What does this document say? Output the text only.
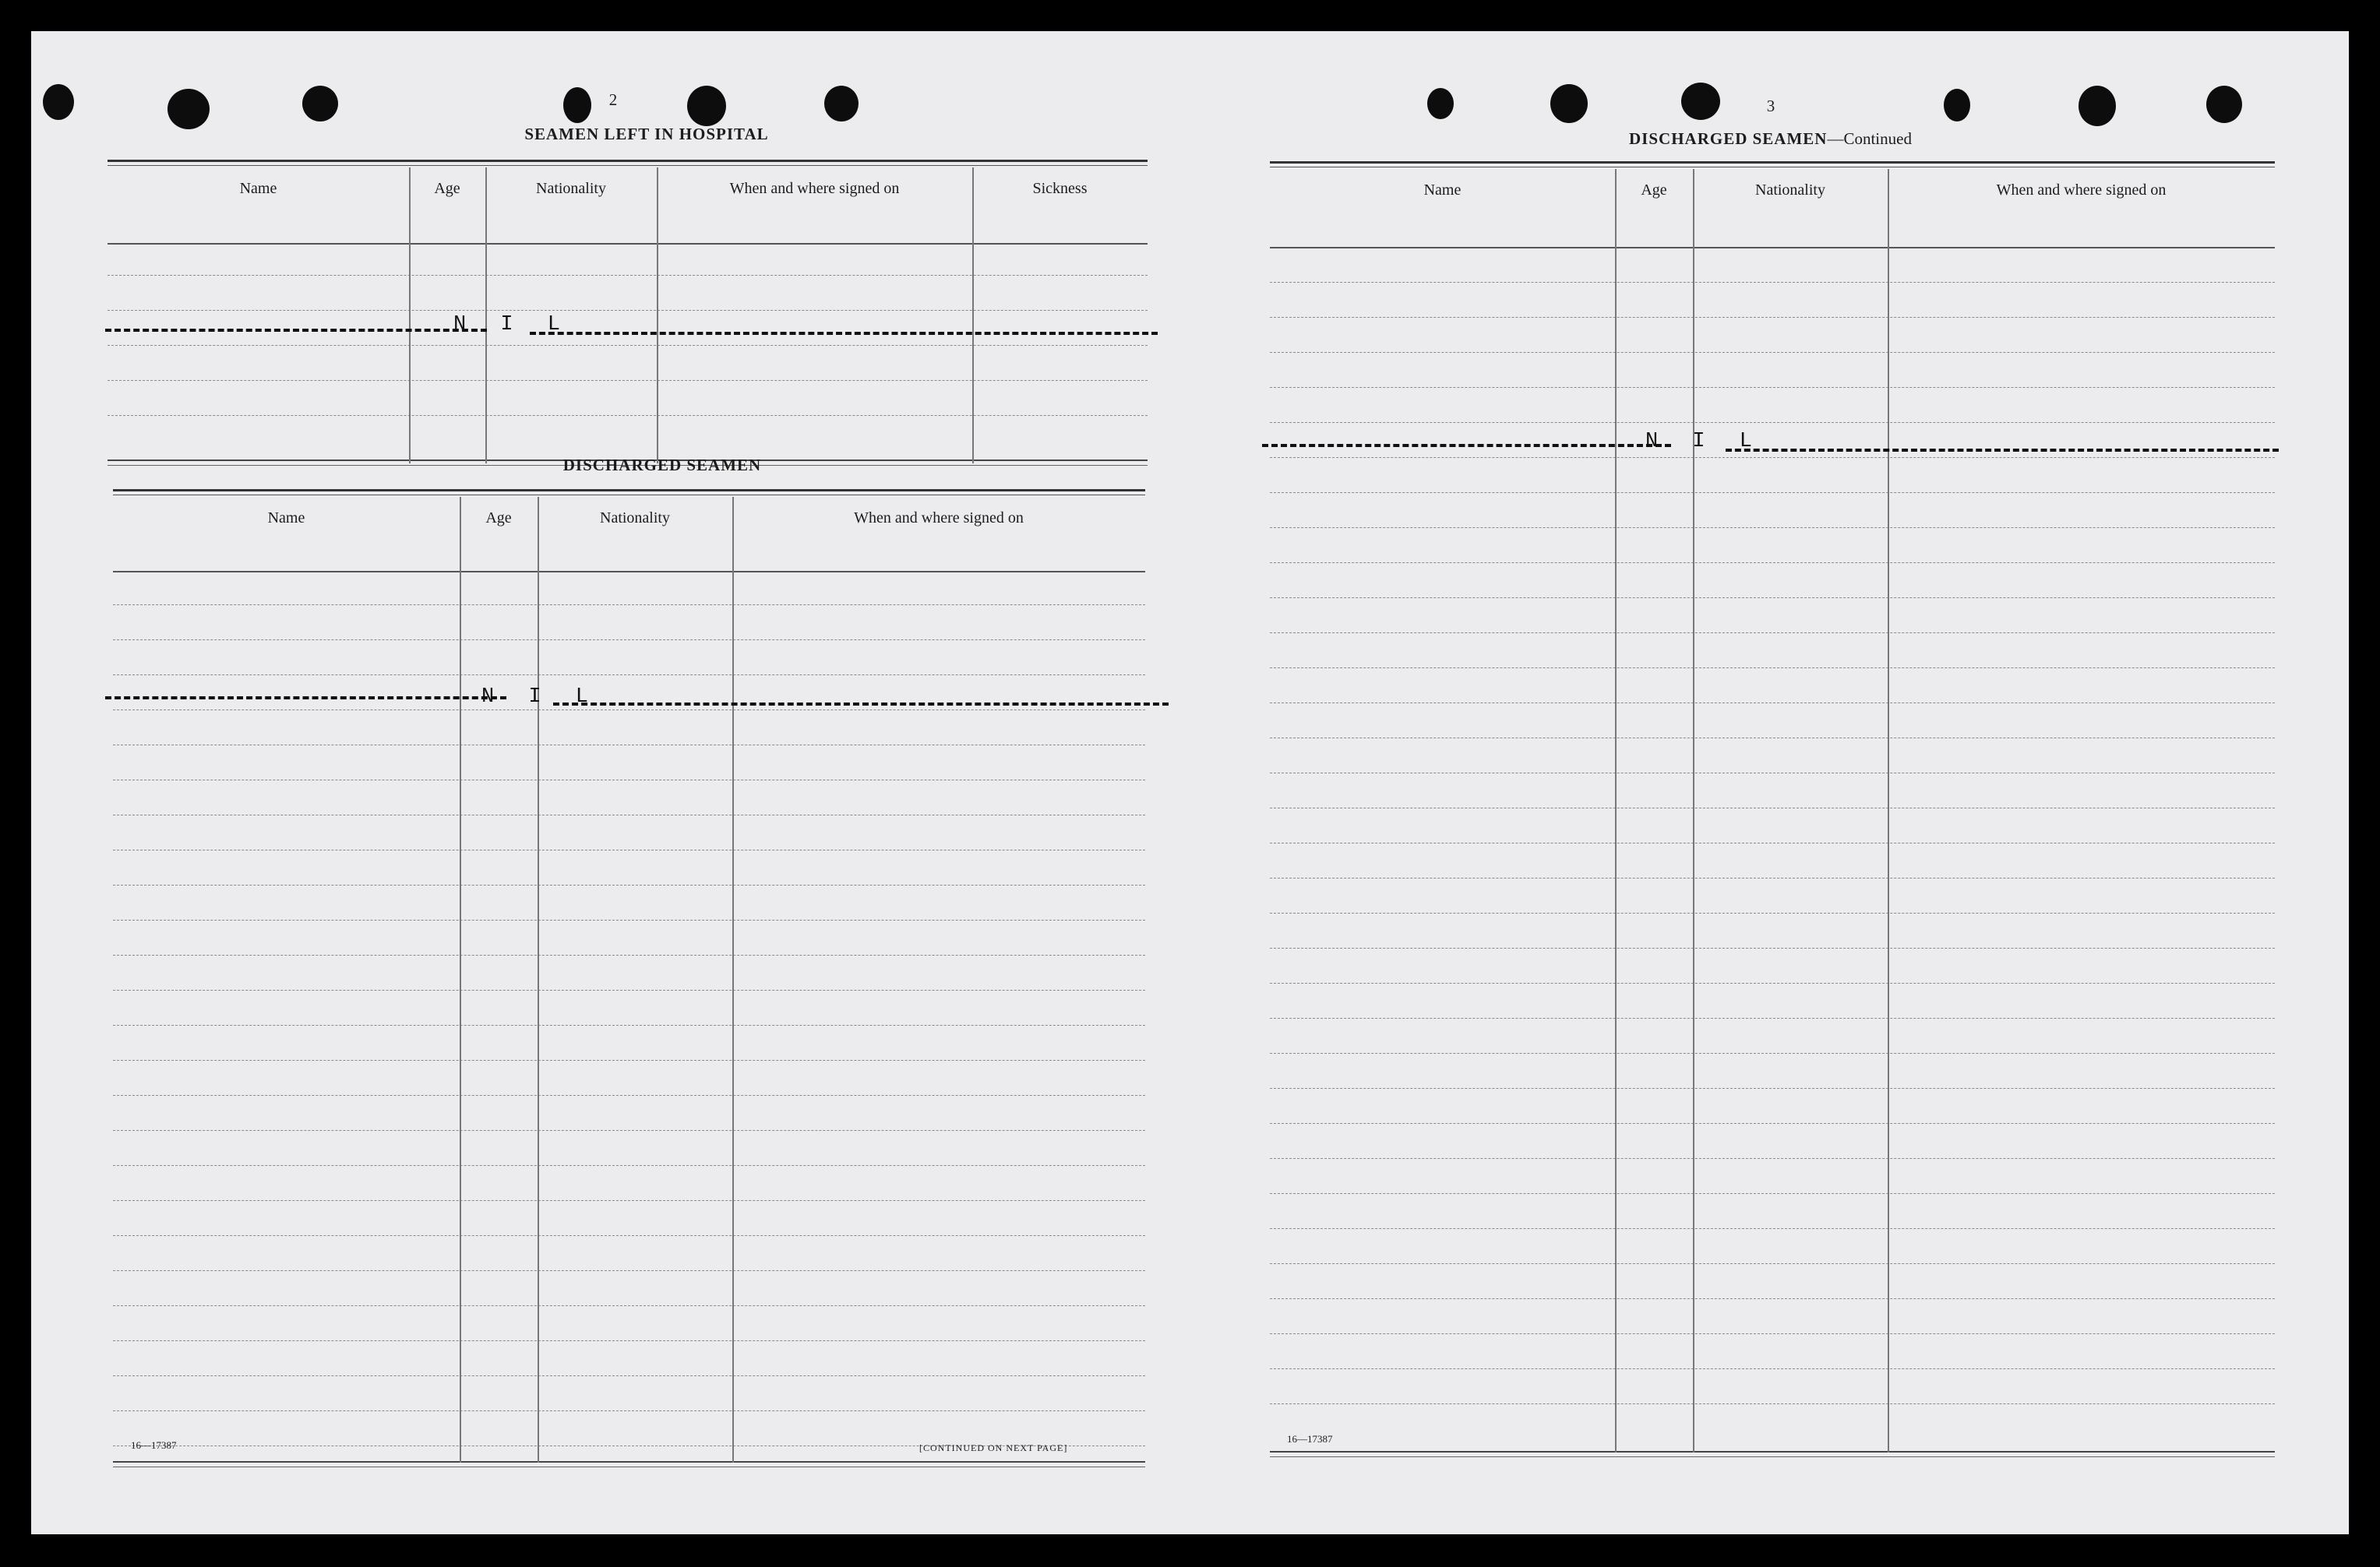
2
SEAMEN LEFT IN HOSPITAL
Name	Age	Nationality	When and where signed on	Sickness
N I L
DISCHARGED SEAMEN
Name	Age	Nationality	When and where signed on
N I L
16—17387	[CONTINUED ON NEXT PAGE]
3
DISCHARGED SEAMEN—Continued
Name	Age	Nationality	When and where signed on
N I L
16—17387
